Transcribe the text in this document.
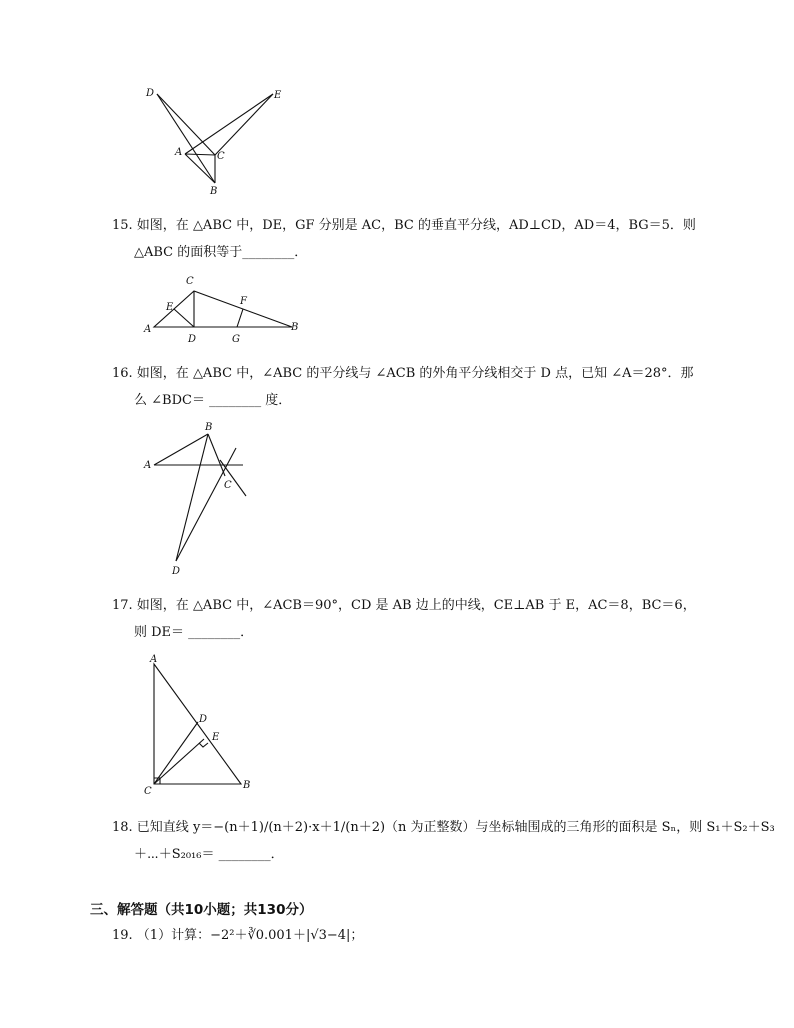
D	E
A	C
B
15. 如图，在 △ABC 中，DE，GF 分别是 AC，BC 的垂直平分线，AD⊥CD，AD＝4，BG＝5．则
△ABC 的面积等于________．
C
E
F
A
D	G
B
16. 如图，在 △ABC 中，∠ABC 的平分线与 ∠ACB 的外角平分线相交于 D 点，已知 ∠A＝28°．那
么 ∠BDC＝ ________ 度．
B
A
C
D
17. 如图，在 △ABC 中，∠ACB＝90°，CD 是 AB 边上的中线，CE⊥AB 于 E，AC＝8，BC＝6，
则 DE＝ ________．
A
D
E
C
B
18. 已知直线 y＝−(n＋1)/(n＋2)·x＋1/(n＋2)（n 为正整数）与坐标轴围成的三角形的面积是 Sₙ，则 S₁＋S₂＋S₃
＋⋯＋S₂₀₁₆＝ ________．
三、解答题（共10小题；共130分）
19. （1）计算：−2²＋∛0.001＋|√3−4|；
